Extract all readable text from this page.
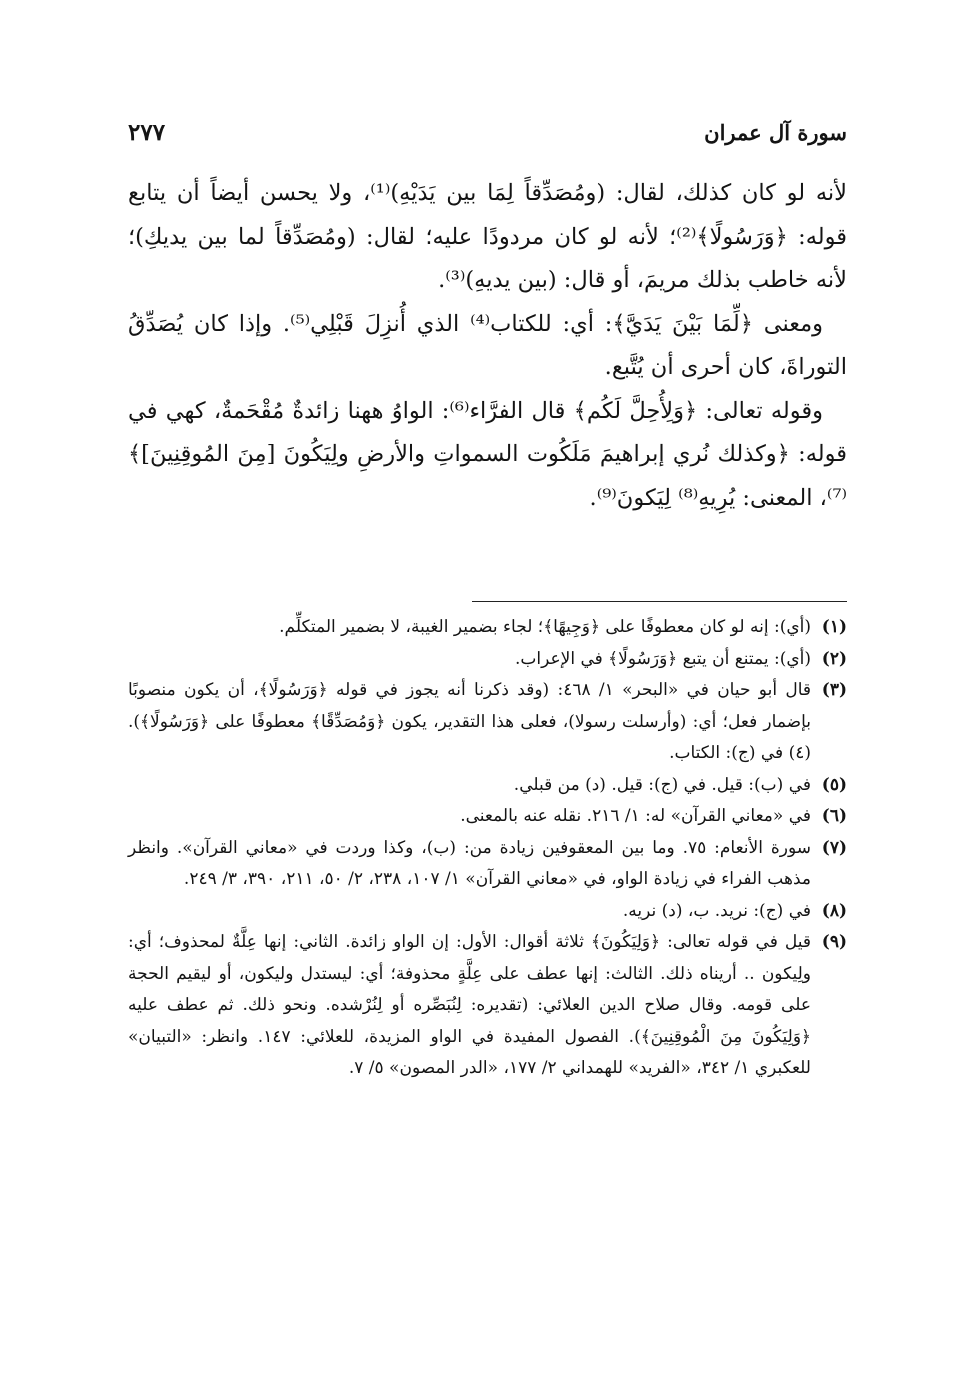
سورة آل عمران
٢٧٧

لأنه لو كان كذلك، لقال: (ومُصَدِّقاً لِمَا بين يَدَيْهِ)⁽¹⁾، ولا يحسن أيضاً أن يتابع قوله: ﴿وَرَسُولًا﴾⁽²⁾؛ لأنه لو كان مردودًا عليه؛ لقال: (ومُصَدِّقاً لما بين يديكِ)؛ لأنه خاطب بذلك مريمَ، أو قال: (بين يديهِ)⁽³⁾.

ومعنى ﴿لِّمَا بَيْنَ يَدَيَّ﴾: أي: للكتاب⁽⁴⁾ الذي أُنزِلَ قَبْلِي⁽⁵⁾. وإذا كان يُصَدِّقُ التوراةَ، كان أحرى أن يُتَّبع.

وقوله تعالى: ﴿وَلِأُحِلَّ لَكُم﴾ قال الفرَّاء⁽⁶⁾: الواوُ ههنا زائدةٌ مُقْحَمةٌ، كهي في قوله: ﴿وكذلك نُري إبراهيمَ مَلَكُوت السمواتِ والأرضِ ولِيَكُونَ [مِنَ المُوقِنِينَ]﴾⁽⁷⁾، المعنى: يُرِيهِ⁽⁸⁾ لِيَكونَ⁽⁹⁾.

(١)
(أي): إنه لو كان معطوفًا على ﴿وَجِيهًا﴾؛ لجاء بضمير الغيبة، لا بضمير المتكلِّم.
(٢)
(أي): يمتنع أن يتبع ﴿وَرَسُولًا﴾ في الإعراب.
(٣)
قال أبو حيان في «البحر» ١/ ٤٦٨: (وقد ذكرنا أنه يجوز في قوله ﴿وَرَسُولًا﴾، أن يكون منصوبًا بإضمار فعل؛ أي: (وأرسلت رسولا)، فعلى هذا التقدير، يكون ﴿وَمُصَدِّقًا﴾ معطوفًا على ﴿وَرَسُولًا﴾). (٤) في (ج): الكتاب.
(٥)
في (ب): قيل. في (ج): قيل. (د) من قبلي.
(٦)
في «معاني القرآن» له: ١/ ٢١٦. نقله عنه بالمعنى.
(٧)
سورة الأنعام: ٧٥. وما بين المعقوفين زيادة من: (ب)، وكذا وردت في «معاني القرآن». وانظر مذهب الفراء في زيادة الواو، في «معاني القرآن» ١/ ١٠٧، ٢٣٨، ٢/ ٥٠، ٢١١، ٣٩٠، ٣/ ٢٤٩.
(٨)
في (ج): نريد. ب، (د) نريه.
(٩)
قيل في قوله تعالى: ﴿وَلِيَكُونَ﴾ ثلاثة أقوال: الأول: إن الواو زائدة. الثاني: إنها عِلَّةٌ لمحذوف؛ أي: ولِيكون .. أريناه ذلك. الثالث: إنها عطف على عِلَّةٍ محذوفة؛ أي: ليستدل وليكون، أو ليقيم الحجة على قومه. وقال صلاح الدين العلائي: (تقديره: لِنُبَصِّره أو لِنُرْشده. ونحو ذلك. ثم عطف عليه ﴿وَلِيَكُونَ مِنَ الْمُوقِنِينَ﴾). الفصول المفيدة في الواو المزيدة، للعلائي: ١٤٧. وانظر: «التبيان» للعكبري ١/ ٣٤٢، «الفريد» للهمداني ٢/ ١٧٧، «الدر المصون» ٥/ ٧.
